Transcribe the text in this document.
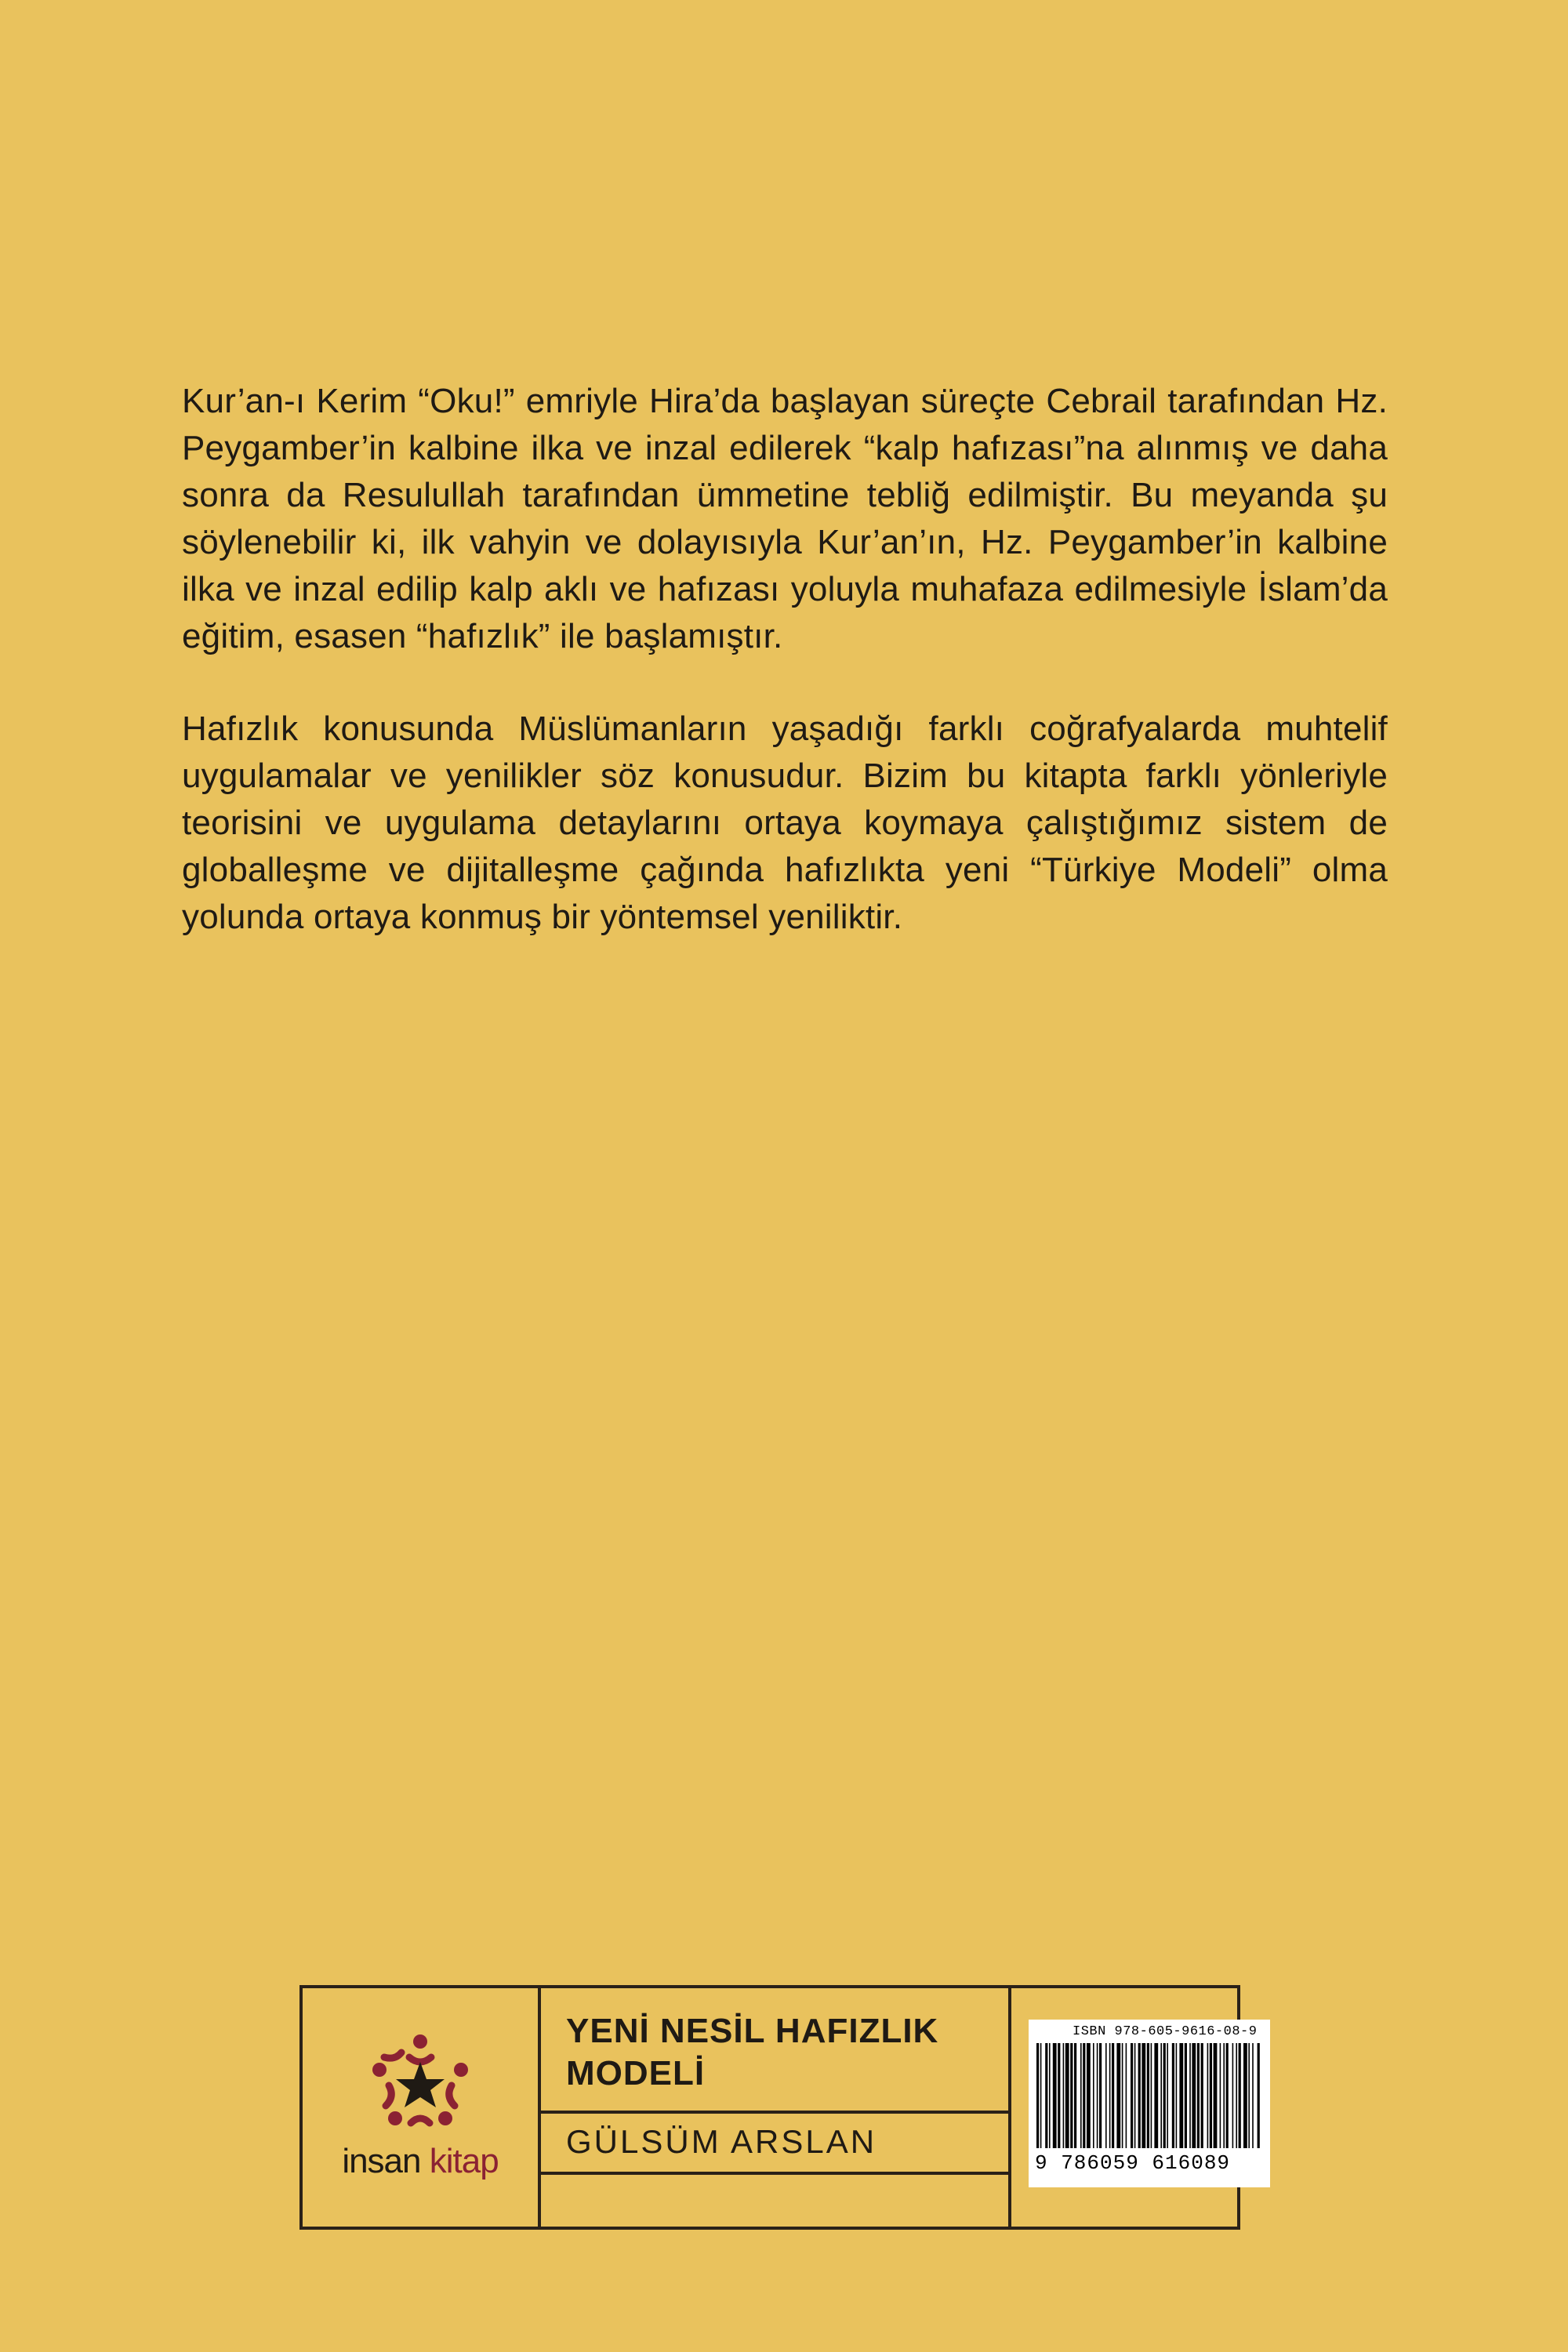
Kur’an-ı Kerim “Oku!” emriyle Hira’da başlayan süreçte Cebrail tarafından Hz. Peygamber’in kalbine ilka ve inzal edilerek “kalp hafızası”na alınmış ve daha sonra da Resulullah tarafından ümmetine tebliğ edilmiştir. Bu meyanda şu söylenebilir ki, ilk vahyin ve dolayısıyla Kur’an’ın, Hz. Peygamber’in kalbine ilka ve inzal edilip kalp aklı ve hafızası yoluyla muhafaza edilmesiyle İslam’da eğitim, esasen “hafızlık” ile başlamıştır.

Hafızlık konusunda Müslümanların yaşadığı farklı coğrafyalarda muhtelif uygulamalar ve yenilikler söz konusudur. Bizim bu kitapta farklı yönleriyle teorisini ve uygulama detaylarını ortaya koymaya çalıştığımız sistem de globalleşme ve dijitalleşme çağında hafızlıkta yeni “Türkiye Modeli” olma yolunda ortaya konmuş bir yöntemsel yeniliktir.

insan kitap
YENİ NESİL HAFIZLIK MODELİ
GÜLSÜM ARSLAN
ISBN 978-605-9616-08-9
9 786059 616089
